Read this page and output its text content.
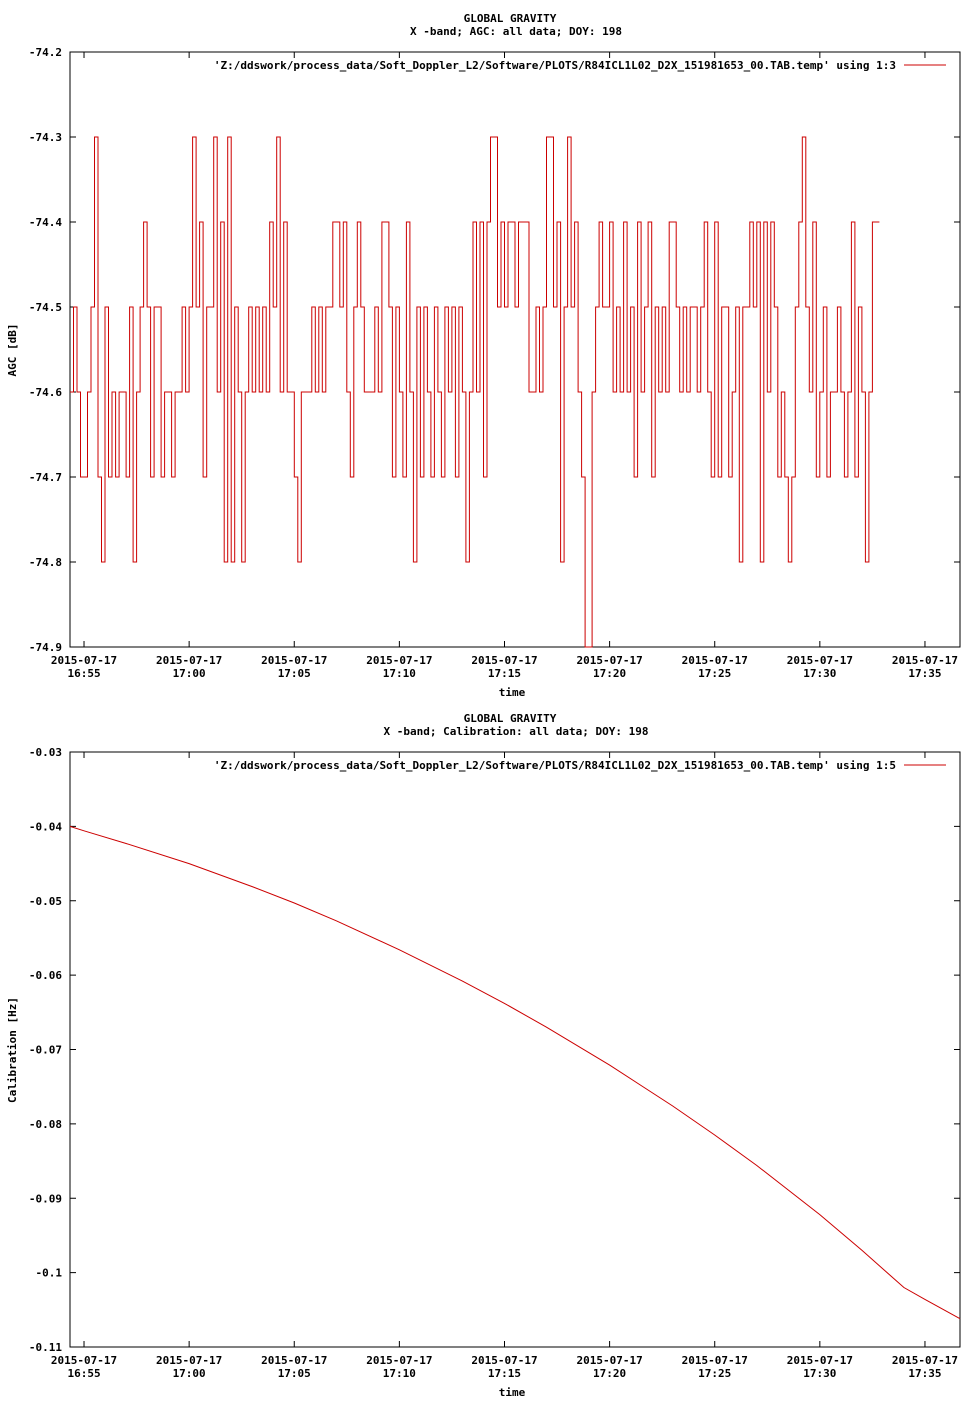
GLOBAL GRAVITY
X -band; AGC: all data; DOY: 198
time
AGC [dB]
'Z:/ddswork/process_data/Soft_Doppler_L2/Software/PLOTS/R84ICL1L02_D2X_151981653_00.TAB.temp' using 1:3
-74.2
-74.3
-74.4
-74.5
-74.6
-74.7
-74.8
-74.9
2015-07-17
16:55
2015-07-17
17:00
2015-07-17
17:05
2015-07-17
17:10
2015-07-17
17:15
2015-07-17
17:20
2015-07-17
17:25
2015-07-17
17:30
2015-07-17
17:35
GLOBAL GRAVITY
X -band; Calibration: all data; DOY: 198
time
Calibration [Hz]
'Z:/ddswork/process_data/Soft_Doppler_L2/Software/PLOTS/R84ICL1L02_D2X_151981653_00.TAB.temp' using 1:5
-0.03
-0.04
-0.05
-0.06
-0.07
-0.08
-0.09
-0.1
-0.11
2015-07-17
16:55
2015-07-17
17:00
2015-07-17
17:05
2015-07-17
17:10
2015-07-17
17:15
2015-07-17
17:20
2015-07-17
17:25
2015-07-17
17:30
2015-07-17
17:35
